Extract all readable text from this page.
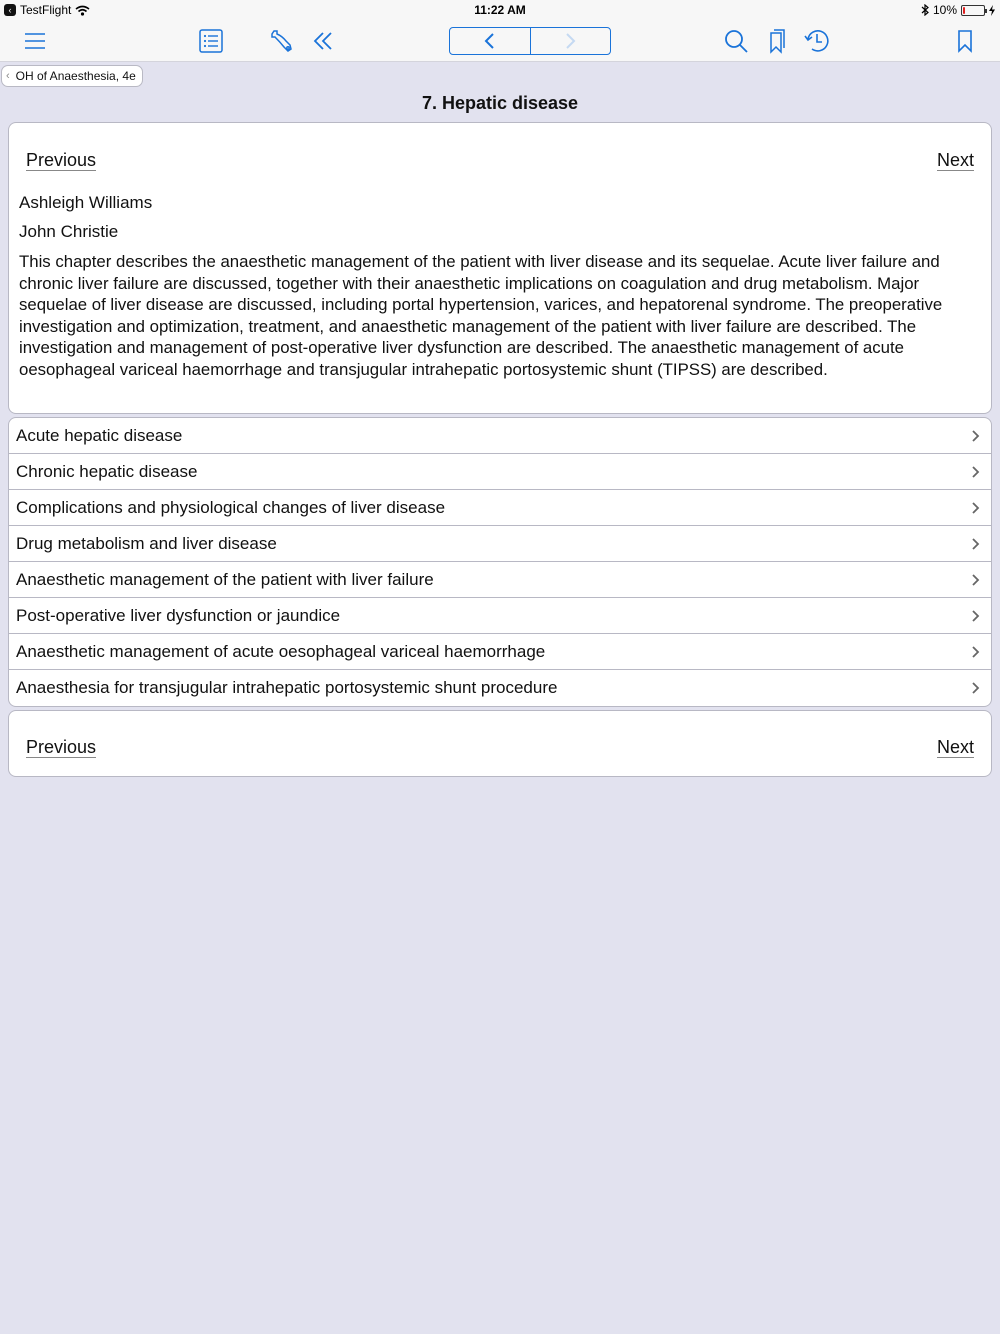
‹ TestFlight	11:22 AM	10%
‹ OH of Anaesthesia, 4e
7. Hepatic disease
Previous	Next
Ashleigh Williams
John Christie
This chapter describes the anaesthetic management of the patient with liver disease and its sequelae. Acute liver failure and chronic liver failure are discussed, together with their anaesthetic implications on coagulation and drug metabolism. Major sequelae of liver disease are discussed, including portal hypertension, varices, and hepatorenal syndrome. The preoperative investigation and optimization, treatment, and anaesthetic management of the patient with liver failure are described. The investigation and management of post-operative liver dysfunction are described. The anaesthetic management of acute oesophageal variceal haemorrhage and transjugular intrahepatic portosystemic shunt (TIPSS) are described.
Acute hepatic disease
Chronic hepatic disease
Complications and physiological changes of liver disease
Drug metabolism and liver disease
Anaesthetic management of the patient with liver failure
Post-operative liver dysfunction or jaundice
Anaesthetic management of acute oesophageal variceal haemorrhage
Anaesthesia for transjugular intrahepatic portosystemic shunt procedure
Previous	Next
